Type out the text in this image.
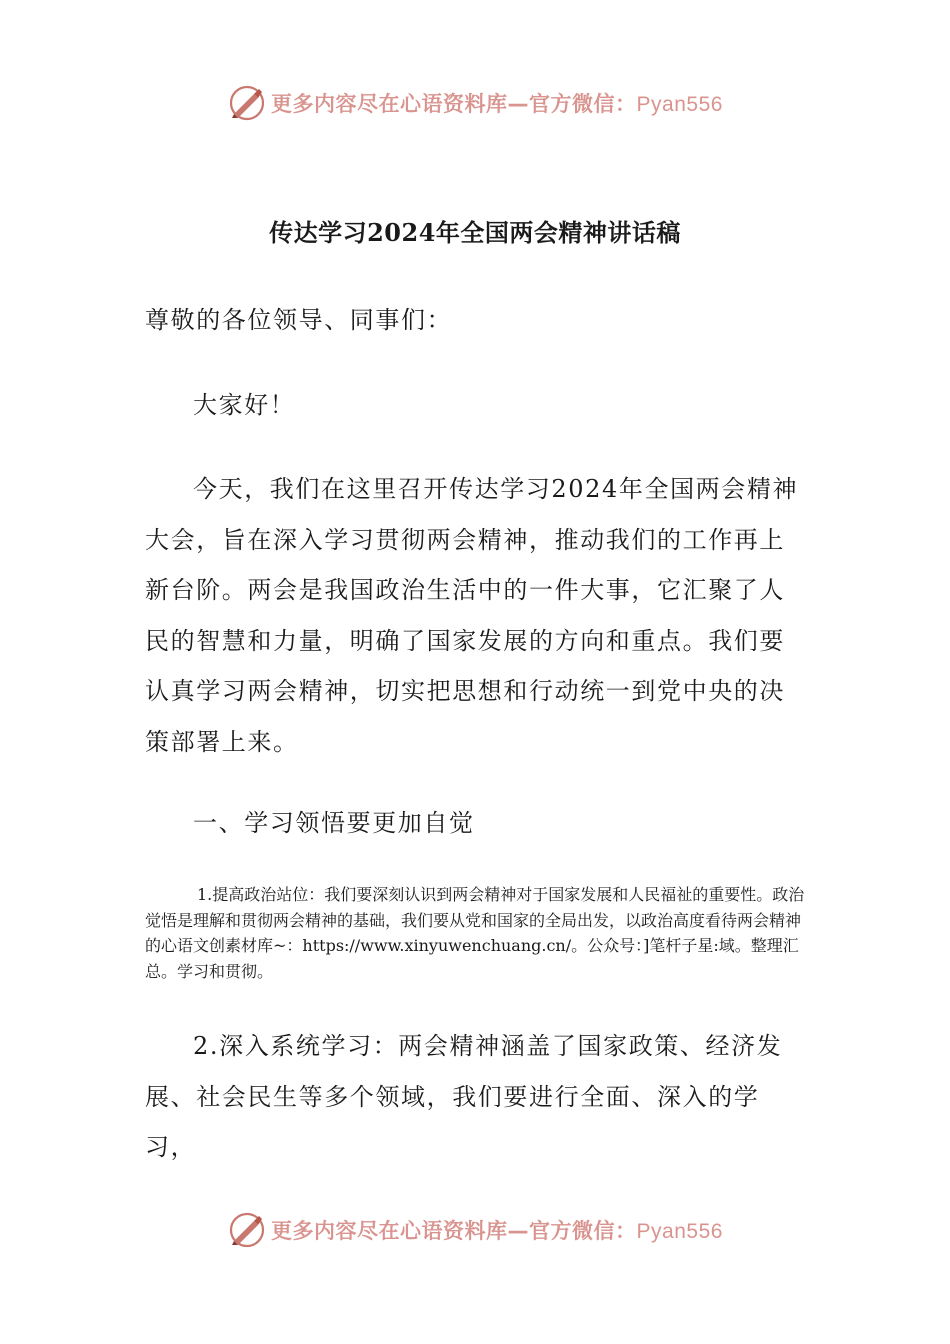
更多内容尽在心语资料库—官方微信：Pyan556
传达学习2024年全国两会精神讲话稿

尊敬的各位领导、同事们：

大家好！

今天，我们在这里召开传达学习2024年全国两会精神大会，旨在深入学习贯彻两会精神，推动我们的工作再上新台阶。两会是我国政治生活中的一件大事，它汇聚了人民的智慧和力量，明确了国家发展的方向和重点。我们要认真学习两会精神，切实把思想和行动统一到党中央的决策部署上来。

一、学习领悟要更加自觉

1.提高政治站位：我们要深刻认识到两会精神对于国家发展和人民福祉的重要性。政治觉悟是理解和贯彻两会精神的基础，我们要从党和国家的全局出发，以政治高度看待两会精神的心语文创素材库~：https://www.xinyuwenchuang.cn/。公众号：]笔杆子星:域。整理汇总。学习和贯彻。

2.深入系统学习：两会精神涵盖了国家政策、经济发展、社会民生等多个领域，我们要进行全面、深入的学习，

更多内容尽在心语资料库—官方微信：Pyan556
